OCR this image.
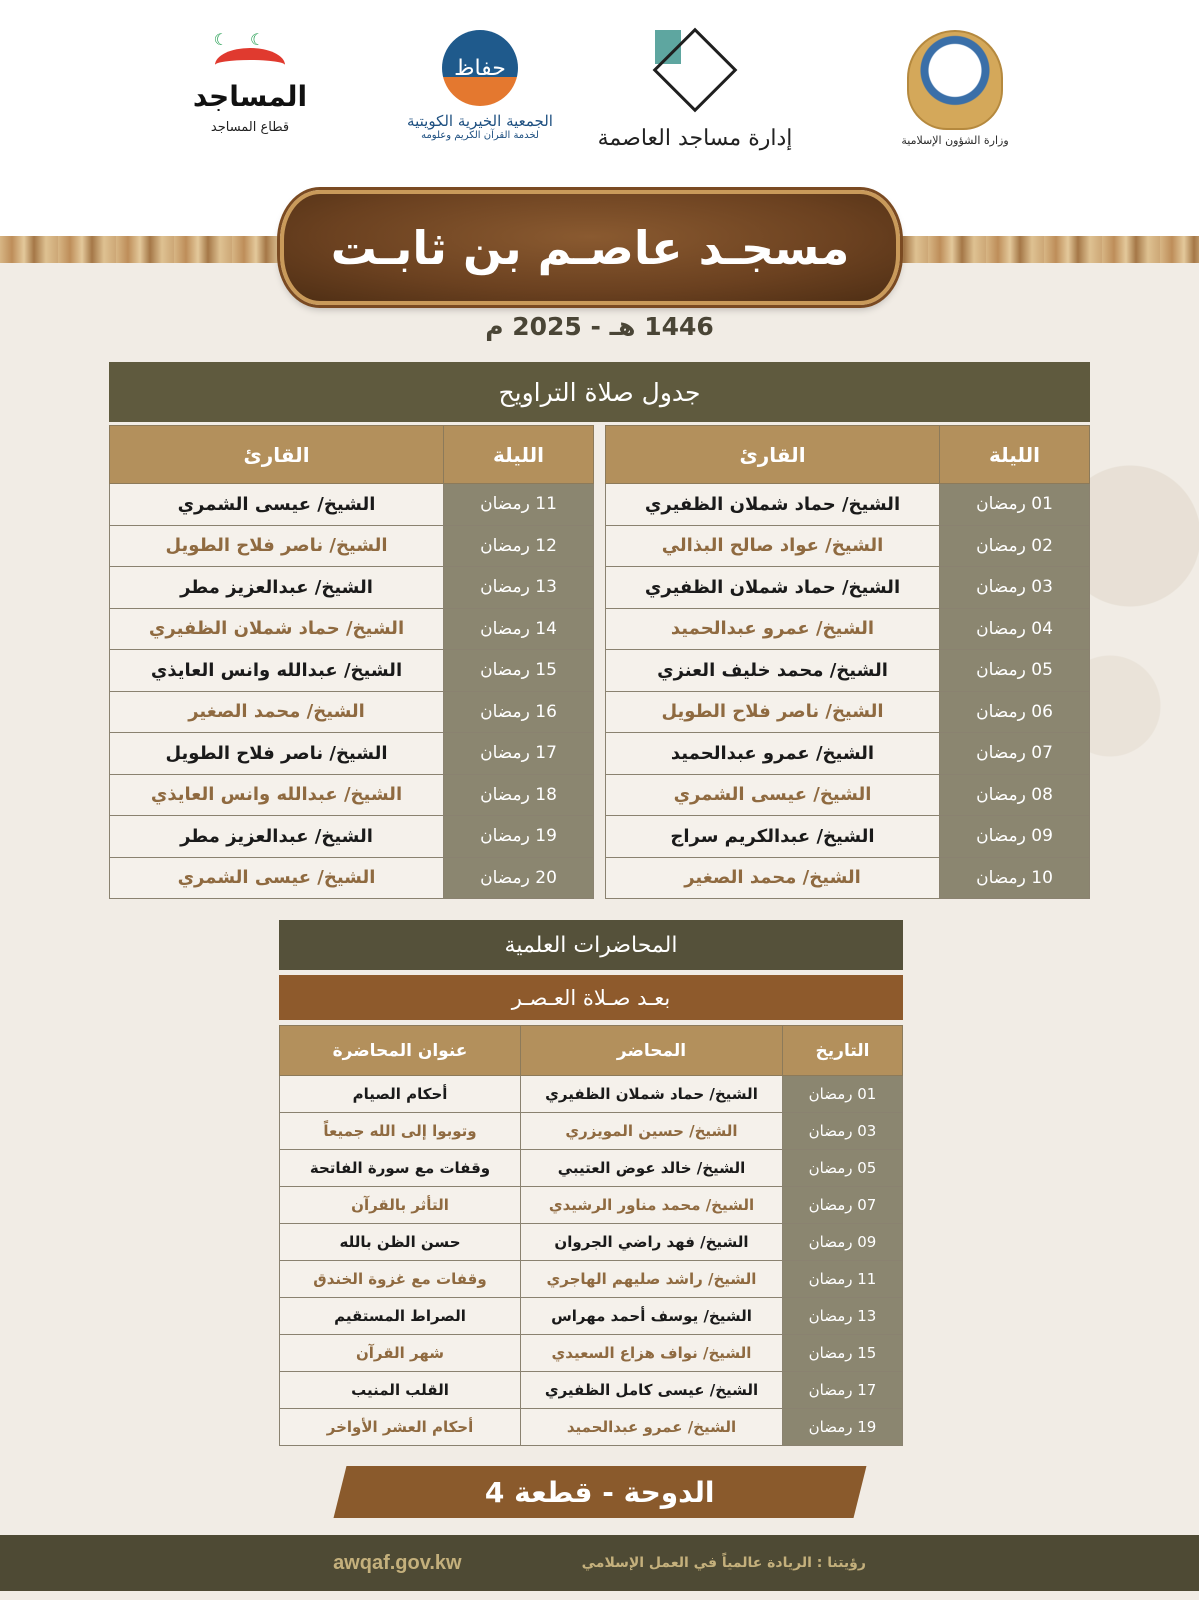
وزارة الشؤون الإسلامية
إدارة مساجد العاصمة
حفاظ
الجمعية الخيرية الكويتية
لخدمة القرآن الكريم وعلومه
☾☾
المساجد
قطاع المساجد
مسجـد عاصـم بن ثابـت
1446 هـ - 2025 م
جدول صلاة التراويح
الليلة	القارئ
01 رمضان	الشيخ/ حماد شملان الظفيري
02 رمضان	الشيخ/ عواد صالح البذالي
03 رمضان	الشيخ/ حماد شملان الظفيري
04 رمضان	الشيخ/ عمرو عبدالحميد
05 رمضان	الشيخ/ محمد خليف العنزي
06 رمضان	الشيخ/ ناصر فلاح الطويل
07 رمضان	الشيخ/ عمرو عبدالحميد
08 رمضان	الشيخ/ عيسى الشمري
09 رمضان	الشيخ/ عبدالكريم سراج
10 رمضان	الشيخ/ محمد الصغير
الليلة	القارئ
11 رمضان	الشيخ/ عيسى الشمري
12 رمضان	الشيخ/ ناصر فلاح الطويل
13 رمضان	الشيخ/ عبدالعزيز مطر
14 رمضان	الشيخ/ حماد شملان الظفيري
15 رمضان	الشيخ/ عبدالله وانس العايذي
16 رمضان	الشيخ/ محمد الصغير
17 رمضان	الشيخ/ ناصر فلاح الطويل
18 رمضان	الشيخ/ عبدالله وانس العايذي
19 رمضان	الشيخ/ عبدالعزيز مطر
20 رمضان	الشيخ/ عيسى الشمري
المحاضرات العلمية
بعـد صـلاة العـصـر
التاريخ	المحاضر	عنوان المحاضرة
01 رمضان	الشيخ/ حماد شملان الظفيري	أحكام الصيام
03 رمضان	الشيخ/ حسين المويزري	وتوبوا إلى الله جميعاً
05 رمضان	الشيخ/ خالد عوض العتيبي	وقفات مع سورة الفاتحة
07 رمضان	الشيخ/ محمد مناور الرشيدي	التأثر بالقرآن
09 رمضان	الشيخ/ فهد راضي الجروان	حسن الظن بالله
11 رمضان	الشيخ/ راشد صليهم الهاجري	وقفات مع غزوة الخندق
13 رمضان	الشيخ/ يوسف أحمد مهراس	الصراط المستقيم
15 رمضان	الشيخ/ نواف هزاع السعيدي	شهر القرآن
17 رمضان	الشيخ/ عيسى كامل الظفيري	القلب المنيب
19 رمضان	الشيخ/ عمرو عبدالحميد	أحكام العشر الأواخر
الدوحة - قطعة 4
رؤيتنا : الريادة عالمياً في العمل الإسلامي
awqaf.gov.kw
